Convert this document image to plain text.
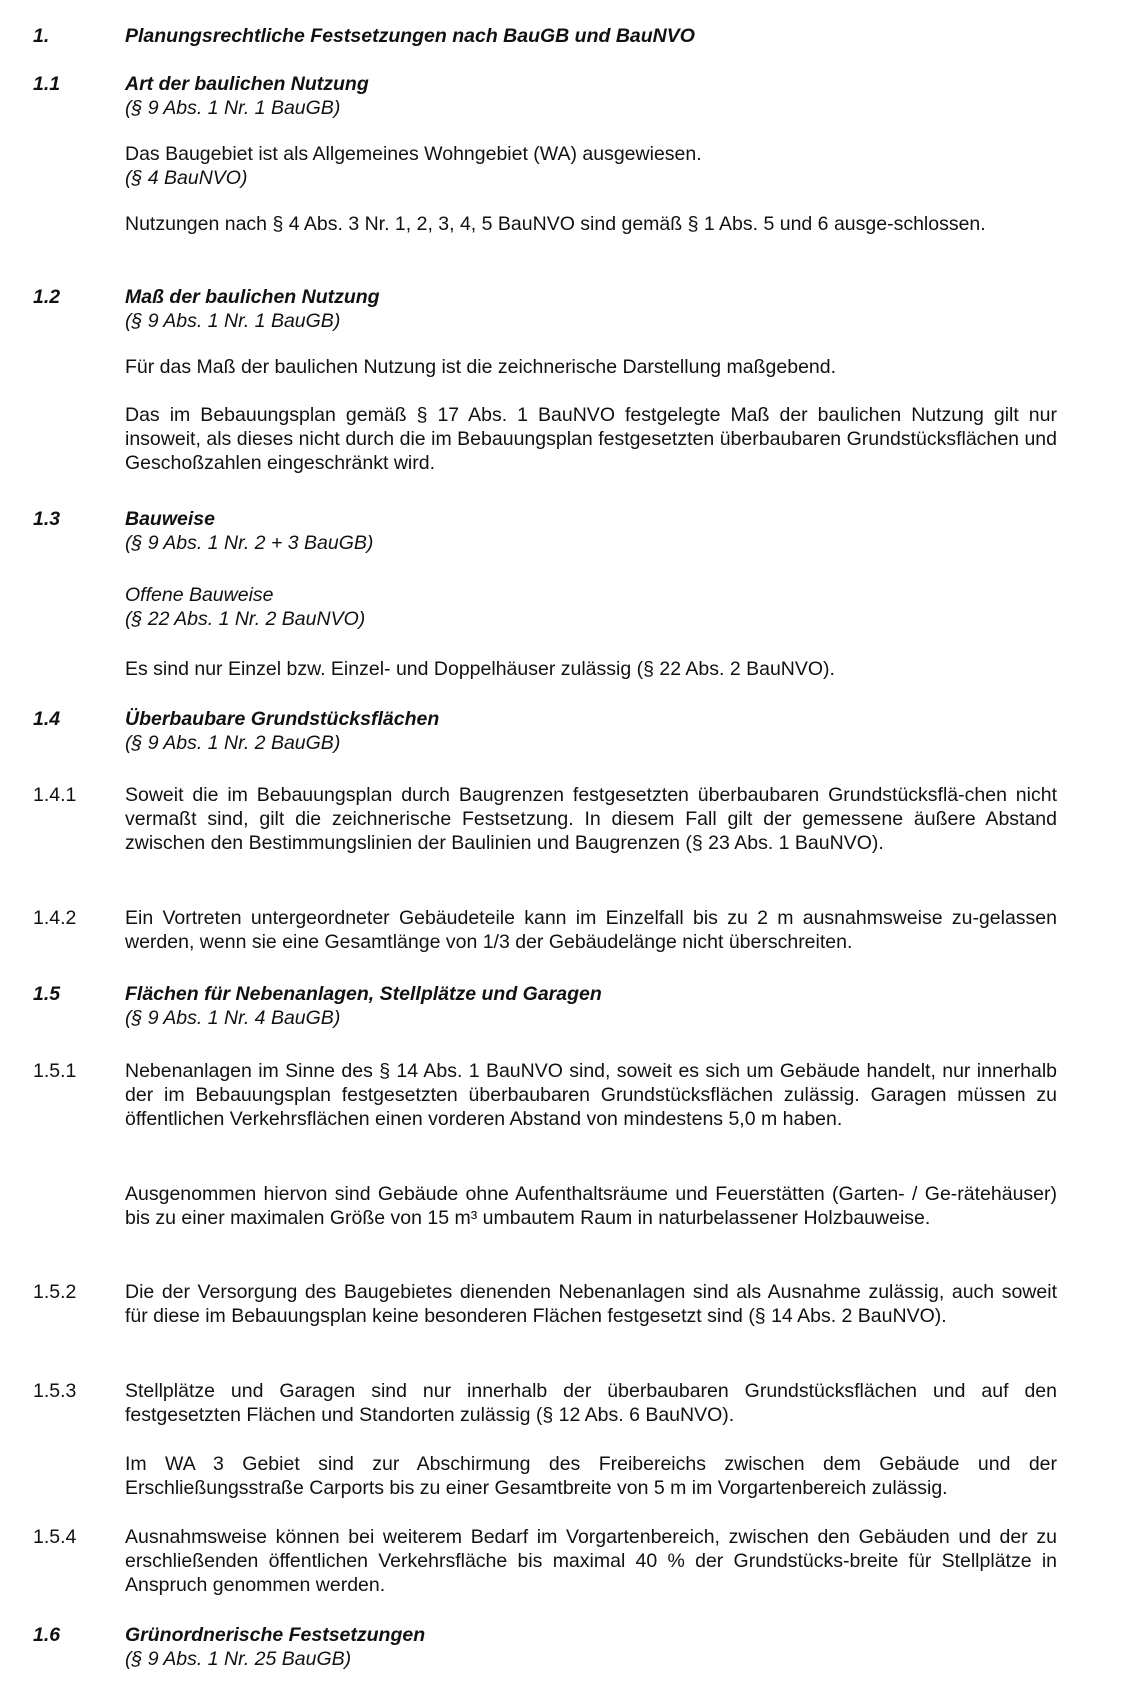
1.	Planungsrechtliche Festsetzungen nach BauGB und BauNVO

1.1	Art der baulichen Nutzung

(§ 9 Abs. 1 Nr. 1 BauGB)

Das Baugebiet ist als Allgemeines Wohngebiet (WA) ausgewiesen.

(§ 4 BauNVO)

Nutzungen nach § 4 Abs. 3 Nr. 1, 2, 3, 4, 5 BauNVO sind gemäß § 1 Abs. 5 und 6 ausge-schlossen.

1.2	Maß der baulichen Nutzung

(§ 9 Abs. 1 Nr. 1 BauGB)

Für das Maß der baulichen Nutzung ist die zeichnerische Darstellung maßgebend.

Das im Bebauungsplan gemäß § 17 Abs. 1 BauNVO festgelegte Maß der baulichen Nutzung gilt nur insoweit, als dieses nicht durch die im Bebauungsplan festgesetzten überbaubaren Grundstücksflächen und Geschoßzahlen eingeschränkt wird.

1.3	Bauweise

(§ 9 Abs. 1 Nr. 2 + 3 BauGB)

Offene Bauweise

(§ 22 Abs. 1 Nr. 2 BauNVO)

Es sind nur Einzel bzw. Einzel- und Doppelhäuser zulässig (§ 22 Abs. 2 BauNVO).

1.4	Überbaubare Grundstücksflächen

(§ 9 Abs. 1 Nr. 2 BauGB)

1.4.1	Soweit die im Bebauungsplan durch Baugrenzen festgesetzten überbaubaren Grundstücksflä-chen nicht vermaßt sind, gilt die zeichnerische Festsetzung. In diesem Fall gilt der gemessene äußere Abstand zwischen den Bestimmungslinien der Baulinien und Baugrenzen (§ 23 Abs. 1 BauNVO).

1.4.2	Ein Vortreten untergeordneter Gebäudeteile kann im Einzelfall bis zu 2 m ausnahmsweise zu-gelassen werden, wenn sie eine Gesamtlänge von 1/3 der Gebäudelänge nicht überschreiten.

1.5	Flächen für Nebenanlagen, Stellplätze und Garagen

(§ 9 Abs. 1 Nr. 4 BauGB)

1.5.1	Nebenanlagen im Sinne des § 14 Abs. 1 BauNVO sind, soweit es sich um Gebäude handelt, nur innerhalb der im Bebauungsplan festgesetzten überbaubaren Grundstücksflächen zulässig. Garagen müssen zu öffentlichen Verkehrsflächen einen vorderen Abstand von mindestens 5,0 m haben.

Ausgenommen hiervon sind Gebäude ohne Aufenthaltsräume und Feuerstätten (Garten- / Ge-rätehäuser) bis zu einer maximalen Größe von 15 m³ umbautem Raum in naturbelassener Holzbauweise.

1.5.2	Die der Versorgung des Baugebietes dienenden Nebenanlagen sind als Ausnahme zulässig, auch soweit für diese im Bebauungsplan keine besonderen Flächen festgesetzt sind (§ 14 Abs. 2 BauNVO).

1.5.3	Stellplätze und Garagen sind nur innerhalb der überbaubaren Grundstücksflächen und auf den festgesetzten Flächen und Standorten zulässig (§ 12 Abs. 6 BauNVO).

Im WA 3 Gebiet sind zur Abschirmung des Freibereichs zwischen dem Gebäude und der Erschließungsstraße Carports bis zu einer Gesamtbreite von 5 m im Vorgartenbereich zulässig.

1.5.4	Ausnahmsweise können bei weiterem Bedarf im Vorgartenbereich, zwischen den Gebäuden und der zu erschließenden öffentlichen Verkehrsfläche bis maximal 40 % der Grundstücks-breite für Stellplätze in Anspruch genommen werden.

1.6	Grünordnerische Festsetzungen

(§ 9 Abs. 1 Nr. 25 BauGB)
